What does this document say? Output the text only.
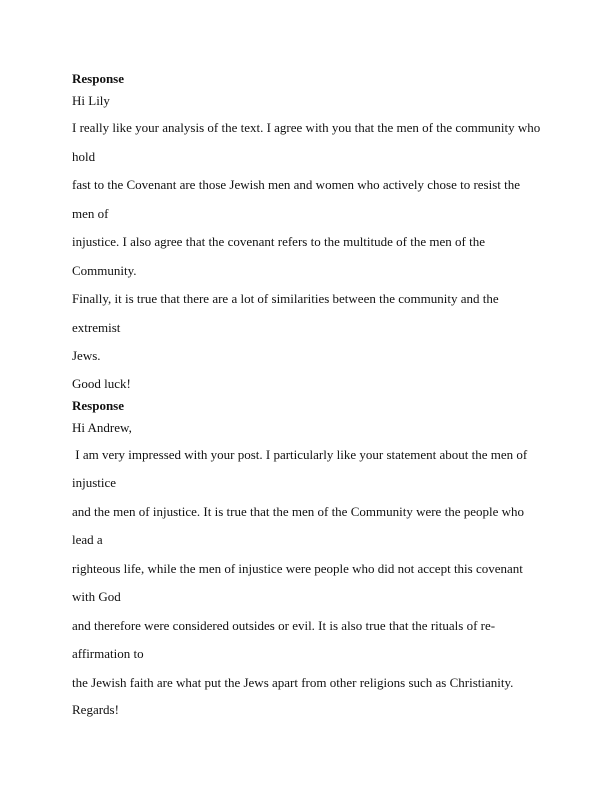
Response

Hi Lily

I really like your analysis of the text. I agree with you that the men of the community who hold
fast to the Covenant are those Jewish men and women who actively chose to resist the men of
injustice. I also agree that the covenant refers to the multitude of the men of the Community.
Finally, it is true that there are a lot of similarities between the community and the extremist
Jews.

Good luck!

Response

Hi Andrew,

I am very impressed with your post. I particularly like your statement about the men of injustice
and the men of injustice. It is true that the men of the Community were the people who lead a
righteous life, while the men of injustice were people who did not accept this covenant with God
and therefore were considered outsides or evil. It is also true that the rituals of re-affirmation to
the Jewish faith are what put the Jews apart from other religions such as Christianity.

Regards!
